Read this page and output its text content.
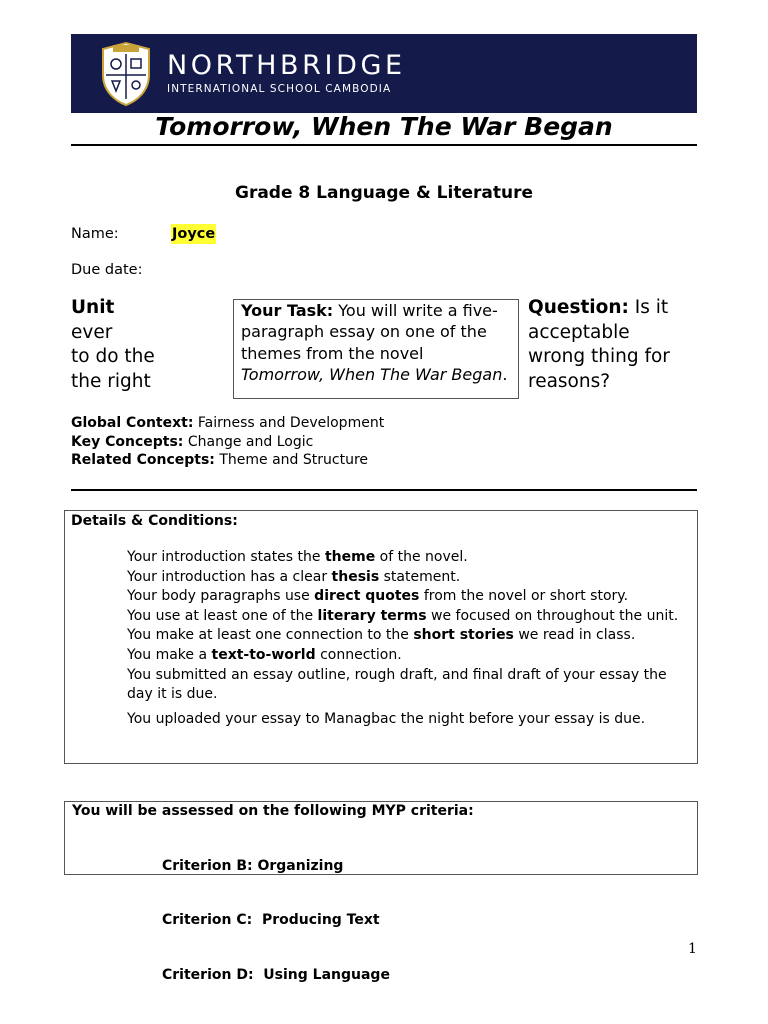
NORTHBRIDGE
INTERNATIONAL SCHOOL CAMBODIA
Tomorrow, When The War Began
Grade 8 Language & Literature
Name:	Joyce
Due date:
Unit
ever
to do the
the right
Your Task: You will write a five-paragraph essay on one of the themes from the novel Tomorrow, When The War Began.
Question: Is it
acceptable
wrong thing for
reasons?
Global Context: Fairness and Development
Key Concepts: Change and Logic
Related Concepts: Theme and Structure
Details & Conditions:
Your introduction states the theme of the novel.
Your introduction has a clear thesis statement.
Your body paragraphs use direct quotes from the novel or short story.
You use at least one of the literary terms we focused on throughout the unit.
You make at least one connection to the short stories we read in class.
You make a text-to-world connection.
You submitted an essay outline, rough draft, and final draft of your essay the day it is due.
You uploaded your essay to Managbac the night before your essay is due.
You will be assessed on the following MYP criteria:

Criterion B: Organizing

Criterion C:  Producing Text

Criterion D:  Using Language

1
